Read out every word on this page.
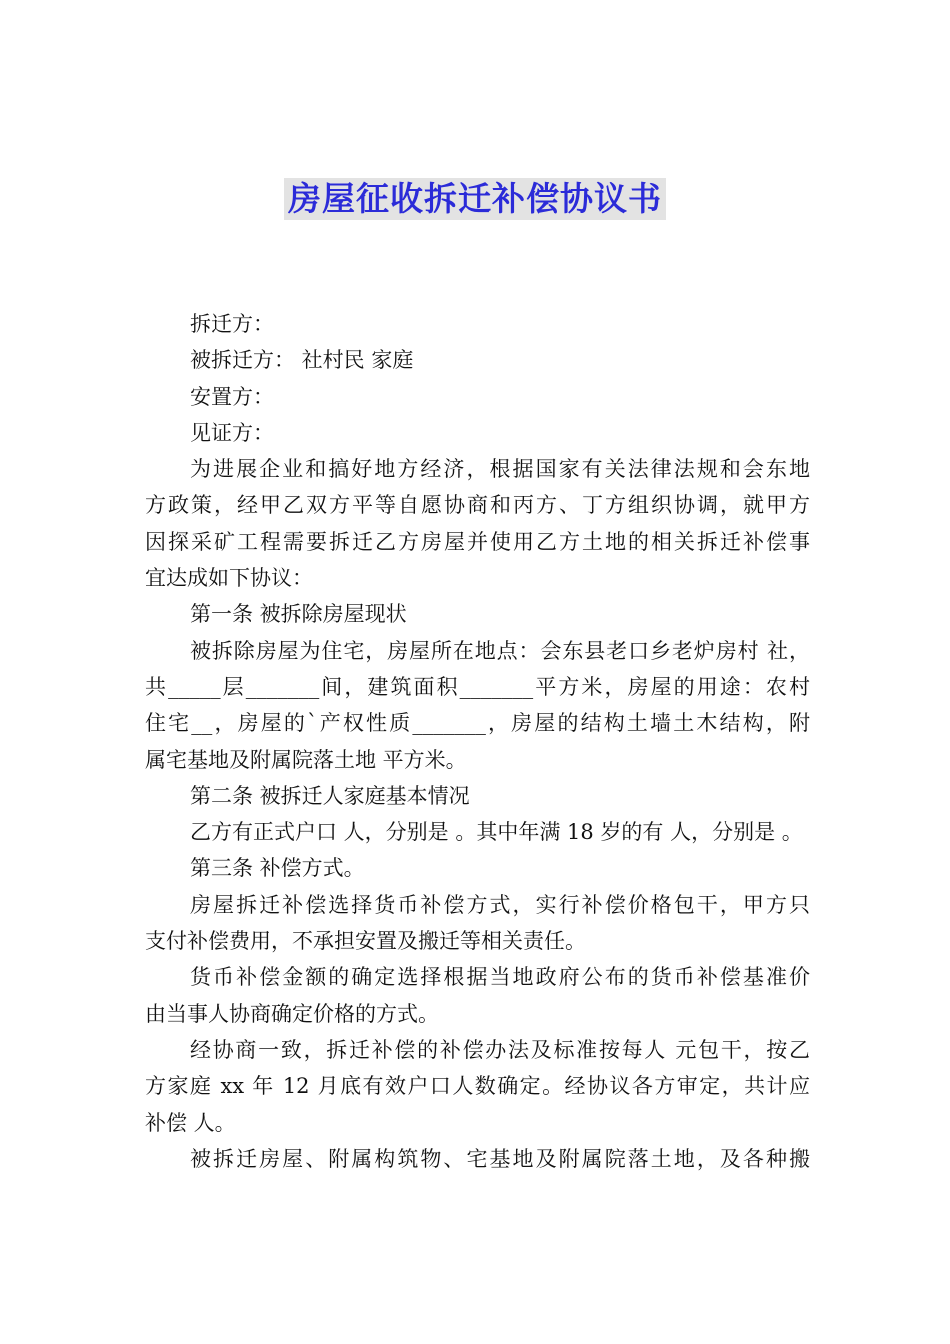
房屋征收拆迁补偿协议书
拆迁方：
被拆迁方： 社村民 家庭
安置方：
见证方：
为进展企业和搞好地方经济，根据国家有关法律法规和会东地
方政策，经甲乙双方平等自愿协商和丙方、丁方组织协调，就甲方
因探采矿工程需要拆迁乙方房屋并使用乙方土地的相关拆迁补偿事
宜达成如下协议：
第一条 被拆除房屋现状
被拆除房屋为住宅，房屋所在地点：会东县老口乡老炉房村 社，
共_____层_______间，建筑面积_______平方米，房屋的用途：农村
住宅__，房屋的`产权性质_______，房屋的结构土墙土木结构，附
属宅基地及附属院落土地 平方米。
第二条 被拆迁人家庭基本情况
乙方有正式户口 人，分别是 。其中年满 18 岁的有 人，分别是 。
第三条 补偿方式。
房屋拆迁补偿选择货币补偿方式，实行补偿价格包干，甲方只
支付补偿费用，不承担安置及搬迁等相关责任。
货币补偿金额的确定选择根据当地政府公布的货币补偿基准价
由当事人协商确定价格的方式。
经协商一致，拆迁补偿的补偿办法及标准按每人 元包干，按乙
方家庭 xx 年 12 月底有效户口人数确定。经协议各方审定，共计应
补偿 人。
被拆迁房屋、附属构筑物、宅基地及附属院落土地，及各种搬
